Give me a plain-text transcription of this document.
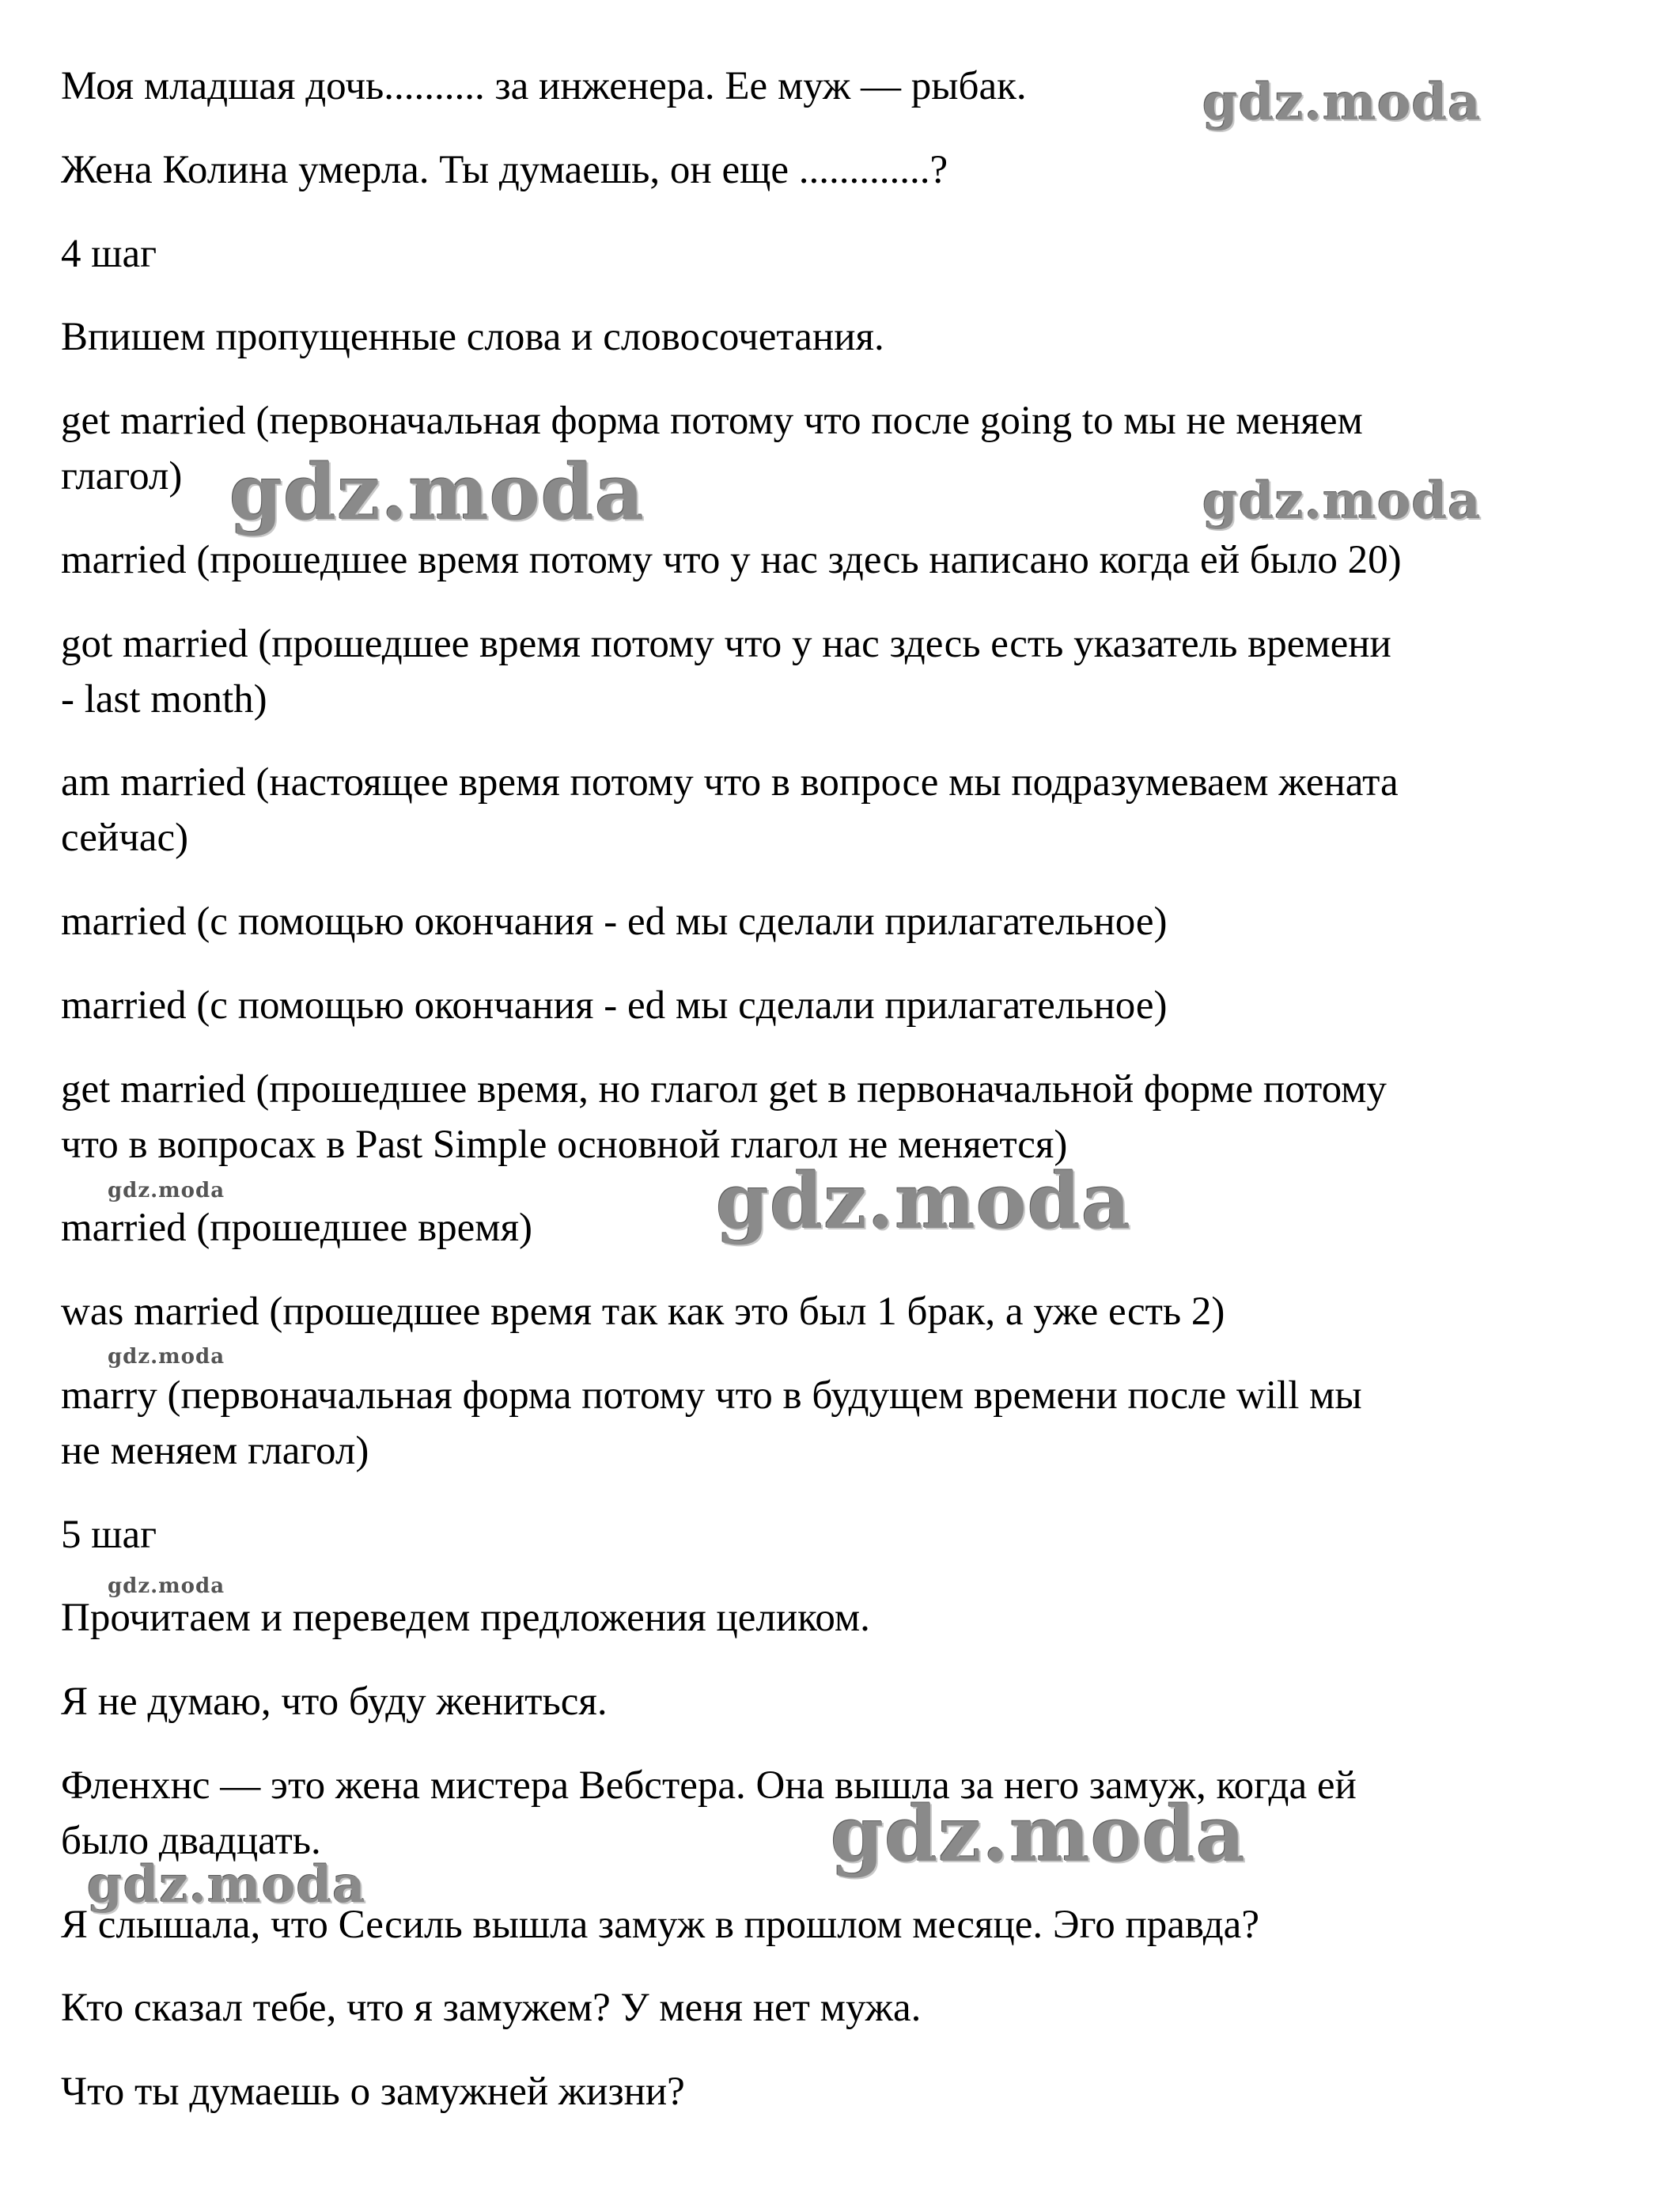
Моя младшая дочь.......... за инженера. Ее муж — рыбак.

Жена Колина умерла. Ты думаешь, он еще .............?

4 шаг

Впишем пропущенные слова и словосочетания.

get married (первоначальная форма потому что после going to мы не меняем

глагол)

married (прошедшее время потому что у нас здесь написано когда ей было 20)

got married (прошедшее время потому что у нас здесь есть указатель времени

- last month)

am married (настоящее время потому что в вопросе мы подразумеваем жената

сейчас)

married (с помощью окончания - ed мы сделали прилагательное)

married (с помощью окончания - ed мы сделали прилагательное)

get married (прошедшее время, но глагол get в первоначальной форме потому

что в вопросах в Past Simple основной глагол не меняется)

married (прошедшее время)

was married (прошедшее время так как это был 1 брак, а уже есть 2)

marry (первоначальная форма потому что в будущем времени после will мы

не меняем глагол)

5 шаг

Прочитаем и переведем предложения целиком.

Я не думаю, что буду жениться.

Фленхнс — это жена мистера Вебстера. Она вышла за него замуж, когда ей

было двадцать.

Я слышала, что Сесиль вышла замуж в прошлом месяце. Эго правда?

Кто сказал тебе, что я замужем? У меня нет мужа.

Что ты думаешь о замужней жизни?

gdz.moda
gdz.moda	gdz.moda
gdz.moda	gdz.moda
gdz.moda
gdz.moda
gdz.moda
gdz.moda
